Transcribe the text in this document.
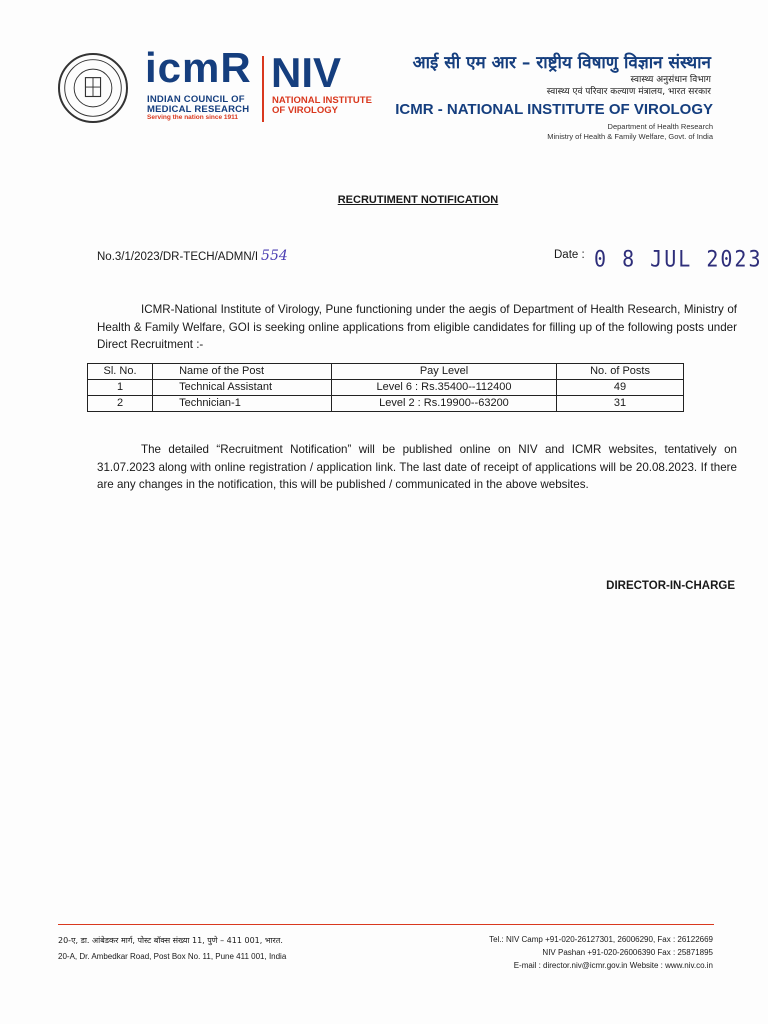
icmR
INDIAN COUNCIL OF
MEDICAL RESEARCH
Serving the nation since 1911
NIV
NATIONAL INSTITUTE
OF VIROLOGY
आई सी एम आर – राष्ट्रीय विषाणु विज्ञान संस्थान
स्वास्थ्य अनुसंधान विभाग
स्वास्थ्य एवं परिवार कल्याण मंत्रालय, भारत सरकार
ICMR - NATIONAL INSTITUTE OF VIROLOGY
Department of Health Research
Ministry of Health & Family Welfare, Govt. of India
RECRUTIMENT NOTIFICATION
No.3/1/2023/DR-TECH/ADMN/I 554	Date : 0 8 JUL 2023
ICMR-National Institute of Virology, Pune functioning under the aegis of Department of Health Research, Ministry of Health & Family Welfare, GOI is seeking online applications from eligible candidates for filling up of the following posts under Direct Recruitment :-
Sl. No.	Name of the Post	Pay Level	No. of Posts
1	Technical Assistant	Level 6 : Rs.35400--112400	49
2	Technician-1	Level 2 : Rs.19900--63200	31
The detailed “Recruitment Notification” will be published online on NIV and ICMR websites, tentatively on 31.07.2023 along with online registration / application link. The last date of receipt of applications will be 20.08.2023. If there are any changes in the notification, this will be published / communicated in the above websites.
DIRECTOR-IN-CHARGE
20-ए, डा. आंबेडकर मार्ग, पोस्ट बॉक्स संख्या 11, पुणे – 411 001, भारत.
20-A, Dr. Ambedkar Road, Post Box No. 11, Pune 411 001, India
Tel.: NIV Camp +91-020-26127301, 26006290, Fax : 26122669
NIV Pashan +91-020-26006390 Fax : 25871895
E-mail : director.niv@icmr.gov.in Website : www.niv.co.in
